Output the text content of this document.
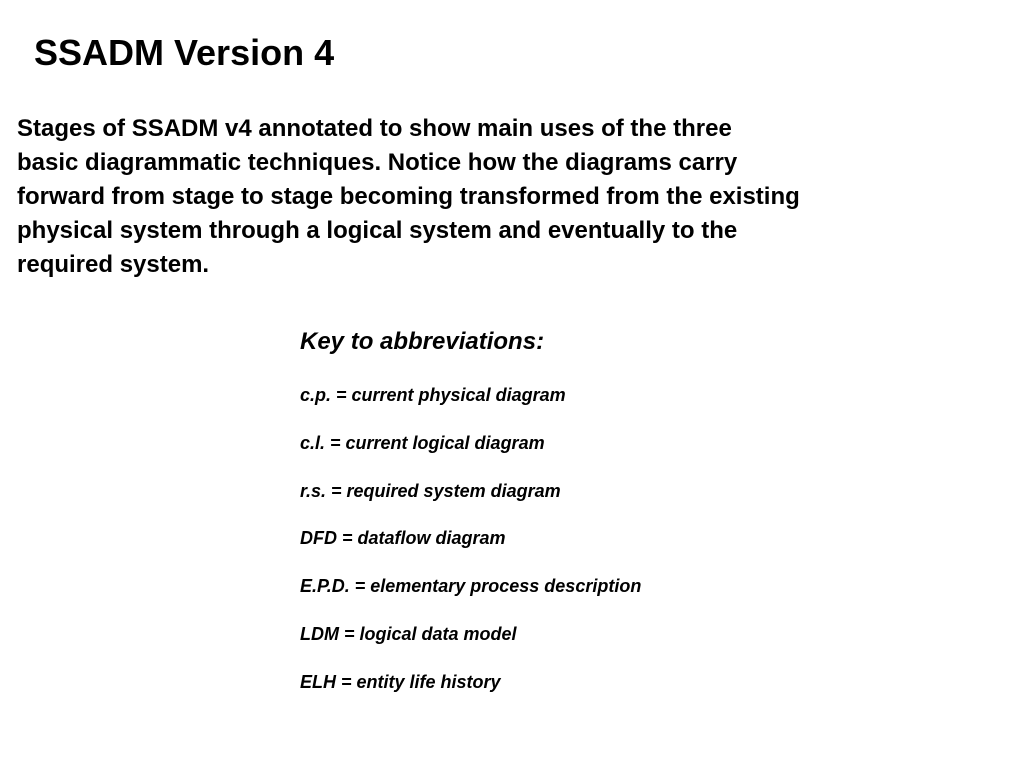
SSADM Version 4
Stages of SSADM v4 annotated to show main uses of the three
basic diagrammatic techniques. Notice how the diagrams carry
forward from stage to stage becoming transformed from the existing
physical system through a logical system and eventually to the
required system.
Key to abbreviations:
c.p. = current physical diagram
c.l. = current logical diagram
r.s. = required system diagram
DFD = dataflow diagram
E.P.D. = elementary process description
LDM = logical data model
ELH = entity life history
